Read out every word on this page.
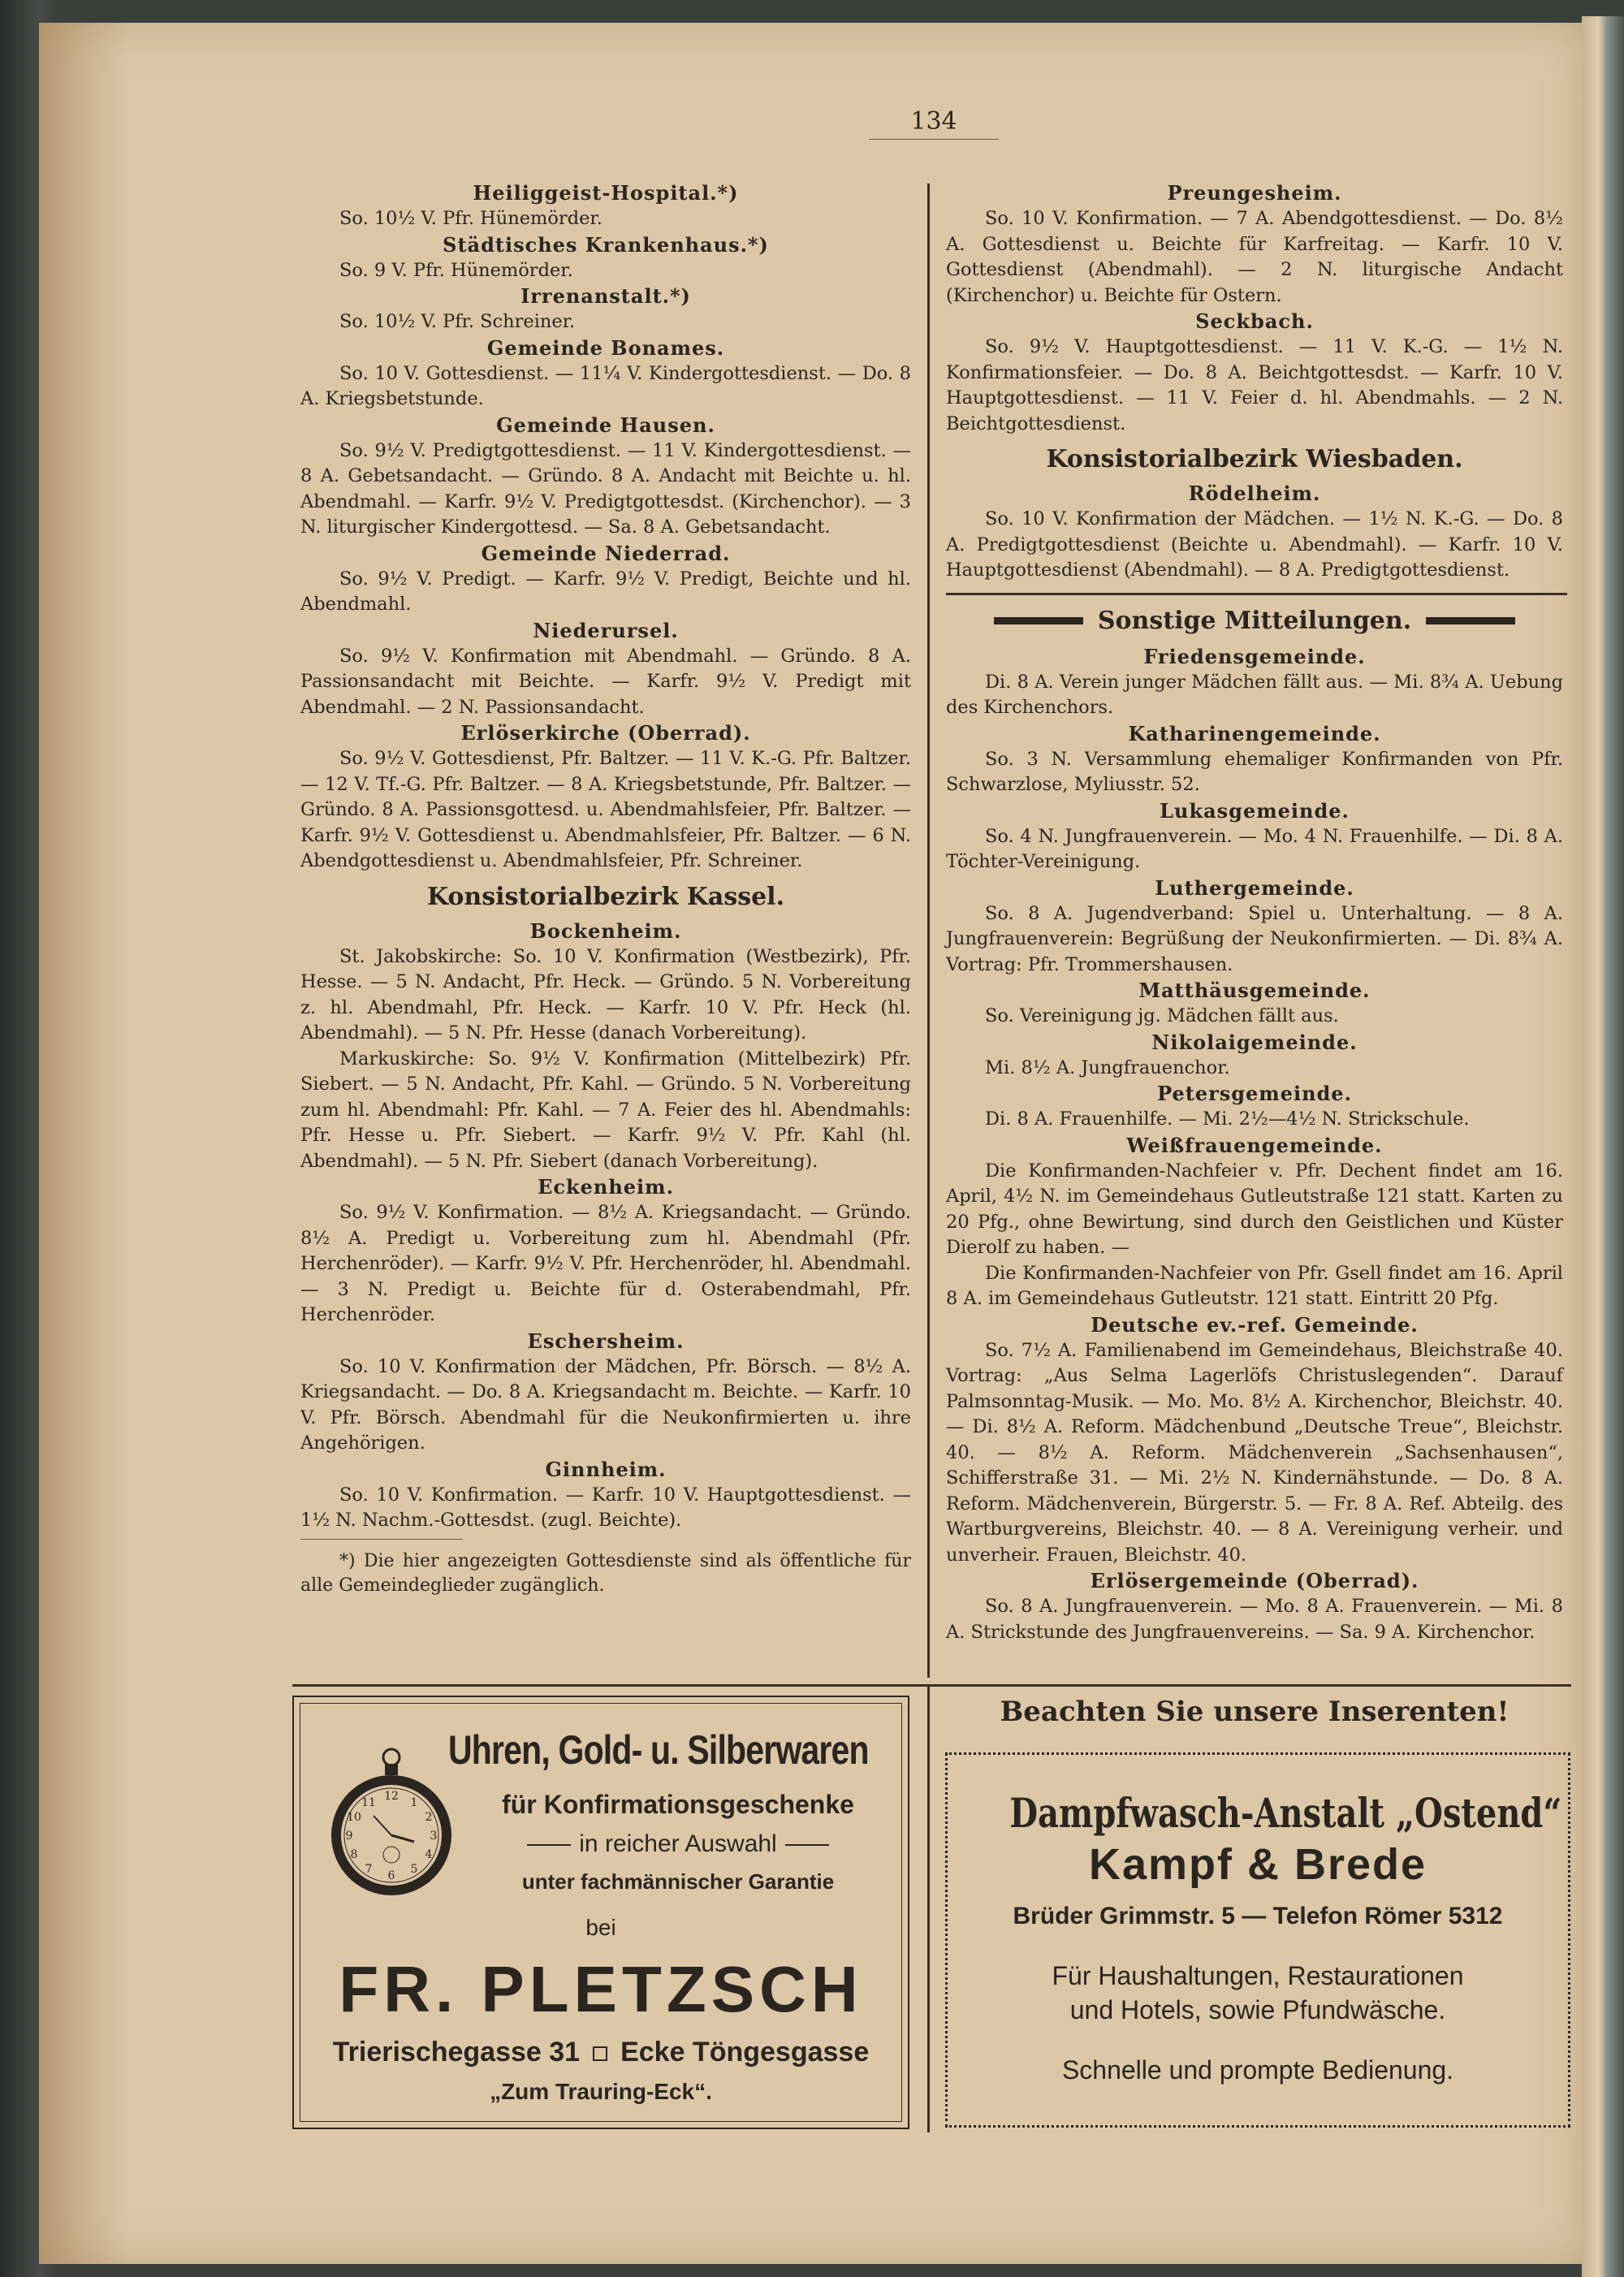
134
Heiliggeist-Hospital.*)

So. 10½ V. Pfr. Hünemörder.

Städtisches Krankenhaus.*)

So. 9 V. Pfr. Hünemörder.

Irrenanstalt.*)

So. 10½ V. Pfr. Schreiner.

Gemeinde Bonames.

So. 10 V. Gottesdienst. — 11¼ V. Kindergottesdienst. — Do. 8 A. Kriegsbetstunde.

Gemeinde Hausen.

So. 9½ V. Predigtgottesdienst. — 11 V. Kindergottesdienst. — 8 A. Gebetsandacht. — Gründo. 8 A. Andacht mit Beichte u. hl. Abendmahl. — Karfr. 9½ V. Predigtgottesdst. (Kirchenchor). — 3 N. liturgischer Kindergottesd. — Sa. 8 A. Gebetsandacht.

Gemeinde Niederrad.

So. 9½ V. Predigt. — Karfr. 9½ V. Predigt, Beichte und hl. Abendmahl.

Niederursel.

So. 9½ V. Konfirmation mit Abendmahl. — Gründo. 8 A. Passionsandacht mit Beichte. — Karfr. 9½ V. Predigt mit Abendmahl. — 2 N. Passionsandacht.

Erlöserkirche (Oberrad).

So. 9½ V. Gottesdienst, Pfr. Baltzer. — 11 V. K.-G. Pfr. Baltzer. — 12 V. Tf.-G. Pfr. Baltzer. — 8 A. Kriegsbetstunde, Pfr. Baltzer. — Gründo. 8 A. Passionsgottesd. u. Abendmahlsfeier, Pfr. Baltzer. — Karfr. 9½ V. Gottesdienst u. Abendmahlsfeier, Pfr. Baltzer. — 6 N. Abendgottesdienst u. Abendmahlsfeier, Pfr. Schreiner.

Konsistorialbezirk Kassel.
Bockenheim.

St. Jakobskirche: So. 10 V. Konfirmation (Westbezirk), Pfr. Hesse. — 5 N. Andacht, Pfr. Heck. — Gründo. 5 N. Vorbereitung z. hl. Abendmahl, Pfr. Heck. — Karfr. 10 V. Pfr. Heck (hl. Abendmahl). — 5 N. Pfr. Hesse (danach Vorbereitung).

Markuskirche: So. 9½ V. Konfirmation (Mittelbezirk) Pfr. Siebert. — 5 N. Andacht, Pfr. Kahl. — Gründo. 5 N. Vorbereitung zum hl. Abendmahl: Pfr. Kahl. — 7 A. Feier des hl. Abendmahls: Pfr. Hesse u. Pfr. Siebert. — Karfr. 9½ V. Pfr. Kahl (hl. Abendmahl). — 5 N. Pfr. Siebert (danach Vorbereitung).

Eckenheim.

So. 9½ V. Konfirmation. — 8½ A. Kriegsandacht. — Gründo. 8½ A. Predigt u. Vorbereitung zum hl. Abendmahl (Pfr. Herchenröder). — Karfr. 9½ V. Pfr. Herchenröder, hl. Abendmahl. — 3 N. Predigt u. Beichte für d. Osterabendmahl, Pfr. Herchenröder.

Eschersheim.

So. 10 V. Konfirmation der Mädchen, Pfr. Börsch. — 8½ A. Kriegsandacht. — Do. 8 A. Kriegsandacht m. Beichte. — Karfr. 10 V. Pfr. Börsch. Abendmahl für die Neukonfirmierten u. ihre Angehörigen.

Ginnheim.

So. 10 V. Konfirmation. — Karfr. 10 V. Hauptgottesdienst. — 1½ N. Nachm.-Gottesdst. (zugl. Beichte).

*) Die hier angezeigten Gottesdienste sind als öffentliche für alle Gemeindeglieder zugänglich.
Preungesheim.

So. 10 V. Konfirmation. — 7 A. Abendgottesdienst. — Do. 8½ A. Gottesdienst u. Beichte für Karfreitag. — Karfr. 10 V. Gottesdienst (Abendmahl). — 2 N. liturgische Andacht (Kirchenchor) u. Beichte für Ostern.

Seckbach.

So. 9½ V. Hauptgottesdienst. — 11 V. K.-G. — 1½ N. Konfirmationsfeier. — Do. 8 A. Beichtgottesdst. — Karfr. 10 V. Hauptgottesdienst. — 11 V. Feier d. hl. Abendmahls. — 2 N. Beichtgottesdienst.

Konsistorialbezirk Wiesbaden.
Rödelheim.

So. 10 V. Konfirmation der Mädchen. — 1½ N. K.-G. — Do. 8 A. Predigtgottesdienst (Beichte u. Abendmahl). — Karfr. 10 V. Hauptgottesdienst (Abendmahl). — 8 A. Predigtgottesdienst.

Sonstige Mitteilungen.
Friedensgemeinde.

Di. 8 A. Verein junger Mädchen fällt aus. — Mi. 8¾ A. Uebung des Kirchenchors.

Katharinengemeinde.

So. 3 N. Versammlung ehemaliger Konfirmanden von Pfr. Schwarzlose, Myliusstr. 52.

Lukasgemeinde.

So. 4 N. Jungfrauenverein. — Mo. 4 N. Frauenhilfe. — Di. 8 A. Töchter-Vereinigung.

Luthergemeinde.

So. 8 A. Jugendverband: Spiel u. Unterhaltung. — 8 A. Jungfrauenverein: Begrüßung der Neukonfirmierten. — Di. 8¾ A. Vortrag: Pfr. Trommershausen.

Matthäusgemeinde.

So. Vereinigung jg. Mädchen fällt aus.

Nikolaigemeinde.

Mi. 8½ A. Jungfrauenchor.

Petersgemeinde.

Di. 8 A. Frauenhilfe. — Mi. 2½—4½ N. Strickschule.

Weißfrauengemeinde.

Die Konfirmanden-Nachfeier v. Pfr. Dechent findet am 16. April, 4½ N. im Gemeindehaus Gutleutstraße 121 statt. Karten zu 20 Pfg., ohne Bewirtung, sind durch den Geistlichen und Küster Dierolf zu haben. —

Die Konfirmanden-Nachfeier von Pfr. Gsell findet am 16. April 8 A. im Gemeindehaus Gutleutstr. 121 statt. Eintritt 20 Pfg.

Deutsche ev.-ref. Gemeinde.

So. 7½ A. Familienabend im Gemeindehaus, Bleichstraße 40. Vortrag: „Aus Selma Lagerlöfs Christuslegenden“. Darauf Palmsonntag-Musik. — Mo. Mo. 8½ A. Kirchenchor, Bleichstr. 40. — Di. 8½ A. Reform. Mädchenbund „Deutsche Treue“, Bleichstr. 40. — 8½ A. Reform. Mädchenverein „Sachsenhausen“, Schifferstraße 31. — Mi. 2½ N. Kindernähstunde. — Do. 8 A. Reform. Mädchenverein, Bürgerstr. 5. — Fr. 8 A. Ref. Abteilg. des Wartburgvereins, Bleichstr. 40. — 8 A. Vereinigung verheir. und unverheir. Frauen, Bleichstr. 40.

Erlösergemeinde (Oberrad).

So. 8 A. Jungfrauenverein. — Mo. 8 A. Frauenverein. — Mi. 8 A. Strickstunde des Jungfrauenvereins. — Sa. 9 A. Kirchenchor.

12 1
2
3
4
5
6
7
8
9
10
11
Uhren, Gold- u. Silberwaren
für Konfirmationsgeschenke
in reicher Auswahl
unter fachmännischer Garantie
bei
FR. PLETZSCH
Trierischegasse 31 Ecke Töngesgasse
„Zum Trauring-Eck“.
Beachten Sie unsere Inserenten!
Dampfwasch-Anstalt „Ostend“
Kampf & Brede
Brüder Grimmstr. 5 — Telefon Römer 5312
Für Haushaltungen, Restaurationen
und Hotels, sowie Pfundwäsche.
Schnelle und prompte Bedienung.
